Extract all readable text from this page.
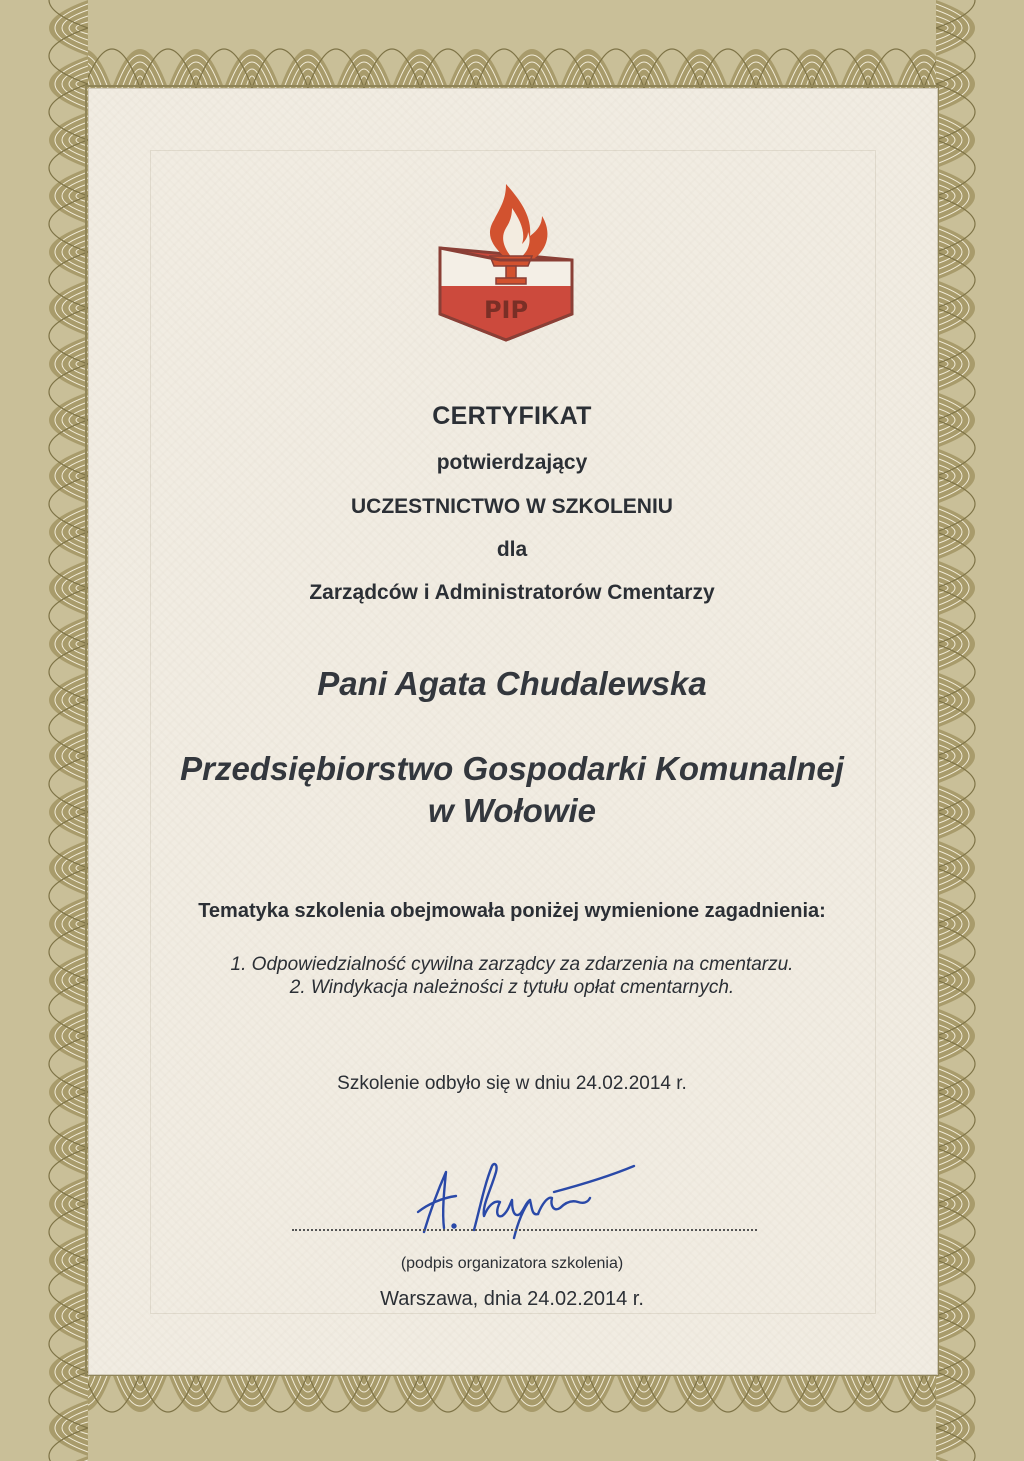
PIP
CERTYFIKAT
potwierdzający
UCZESTNICTWO W SZKOLENIU
dla
Zarządców i Administratorów Cmentarzy
Pani Agata Chudalewska
Przedsiębiorstwo Gospodarki Komunalnej
w Wołowie
Tematyka szkolenia obejmowała poniżej wymienione zagadnienia:
1. Odpowiedzialność cywilna zarządcy za zdarzenia na cmentarzu.
2. Windykacja należności z tytułu opłat cmentarnych.
Szkolenie odbyło się w dniu 24.02.2014 r.
(podpis organizatora szkolenia)
Warszawa, dnia 24.02.2014 r.
